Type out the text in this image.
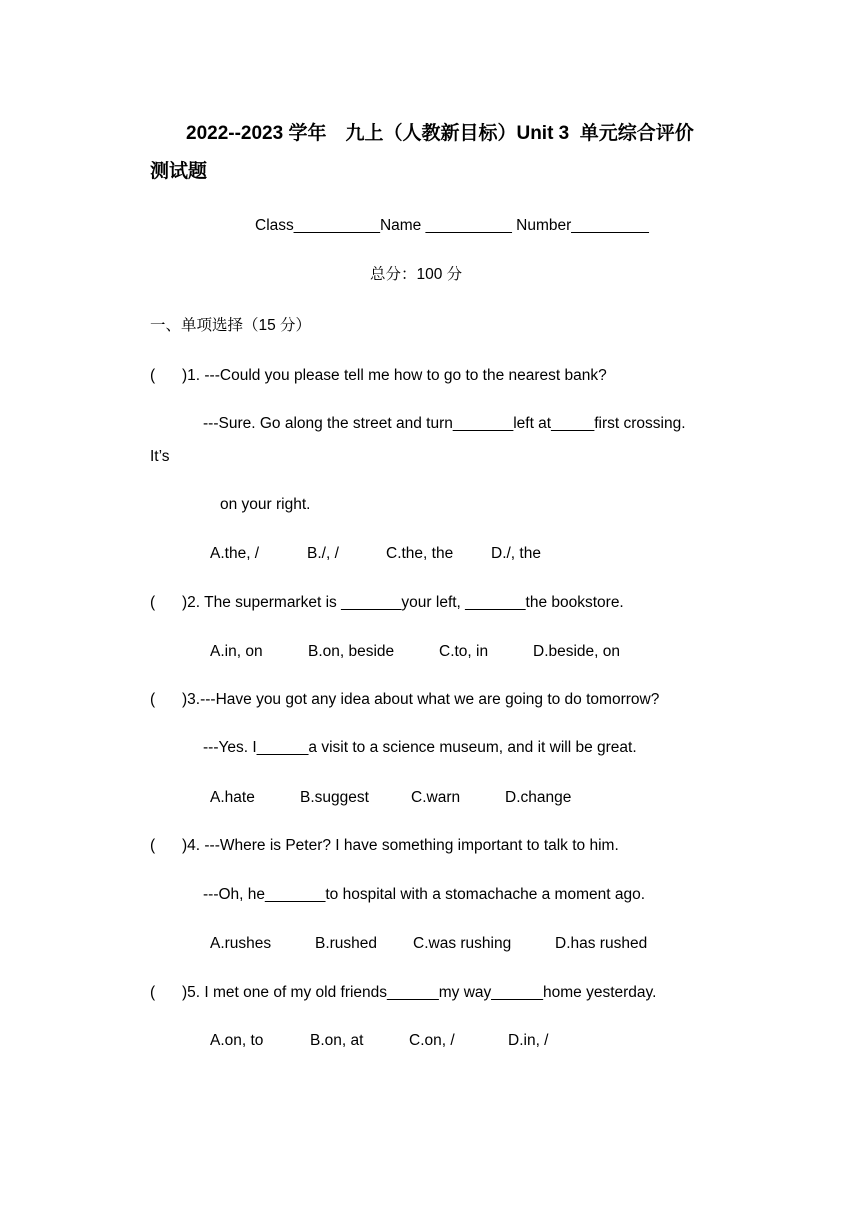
2022--2023 学年　九上（人教新目标）Unit 3  单元综合评价
测试题
Class__________Name __________ Number_________
总分：100 分
一、单项选择（15 分）
( )1. ---Could you please tell me how to go to the nearest bank?
---Sure. Go along the street and turn_______left at_____first crossing.
It’s
on your right.
A.the, /	B./, /	C.the, the D./, the
( )2. The supermarket is _______your left, _______the bookstore.
A.in, on	B.on, beside	C.to, in	D.beside, on
( )3.---Have you got any idea about what we are going to do tomorrow?
---Yes. I______a visit to a science museum, and it will be great.
A.hate	B.suggest	C.warn	D.change
( )4. ---Where is Peter? I have something important to talk to him.
---Oh, he_______to hospital with a stomachache a moment ago.
A.rushes	B.rushed C.was rushing	D.has rushed
( )5. I met one of my old friends______my way______home yesterday.
A.on, to	B.on, at	C.on, /	D.in, /
